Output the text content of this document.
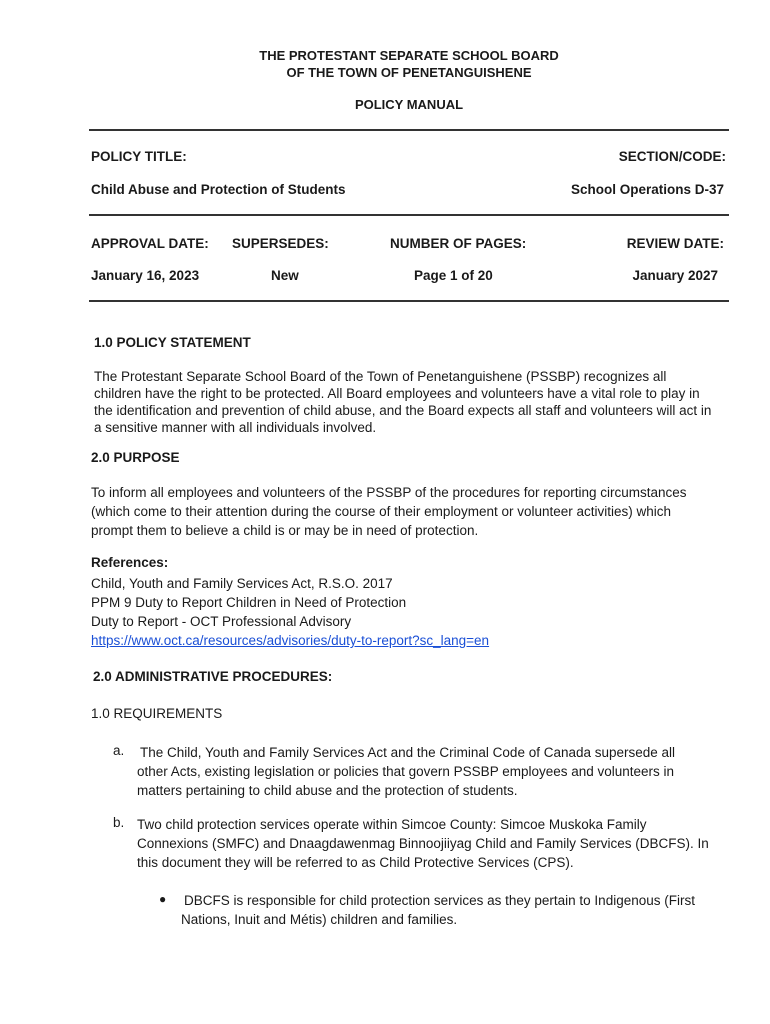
THE PROTESTANT SEPARATE SCHOOL BOARD
OF THE TOWN OF PENETANGUISHENE
POLICY MANUAL
POLICY TITLE:	SECTION/CODE:
Child Abuse and Protection of Students	School Operations D-37
APPROVAL DATE: SUPERSEDES:	NUMBER OF PAGES:	REVIEW DATE:
January 16, 2023	New	Page 1 of 20	January 2027
1.0 POLICY STATEMENT
The Protestant Separate School Board of the Town of Penetanguishene (PSSBP) recognizes all
children have the right to be protected. All Board employees and volunteers have a vital role to play in
the identification and prevention of child abuse, and the Board expects all staff and volunteers will act in
a sensitive manner with all individuals involved.
2.0 PURPOSE
To inform all employees and volunteers of the PSSBP of the procedures for reporting circumstances
(which come to their attention during the course of their employment or volunteer activities) which
prompt them to believe a child is or may be in need of protection.
References:
Child, Youth and Family Services Act, R.S.O. 2017
PPM 9 Duty to Report Children in Need of Protection
Duty to Report - OCT Professional Advisory
https://www.oct.ca/resources/advisories/duty-to-report?sc_lang=en
2.0 ADMINISTRATIVE PROCEDURES:
1.0 REQUIREMENTS
a. The Child, Youth and Family Services Act and the Criminal Code of Canada supersede all
other Acts, existing legislation or policies that govern PSSBP employees and volunteers in
matters pertaining to child abuse and the protection of students.
b. Two child protection services operate within Simcoe County: Simcoe Muskoka Family
Connexions (SMFC) and Dnaagdawenmag Binnoojiiyag Child and Family Services (DBCFS). In
this document they will be referred to as Child Protective Services (CPS).
● DBCFS is responsible for child protection services as they pertain to Indigenous (First
Nations, Inuit and Métis) children and families.
